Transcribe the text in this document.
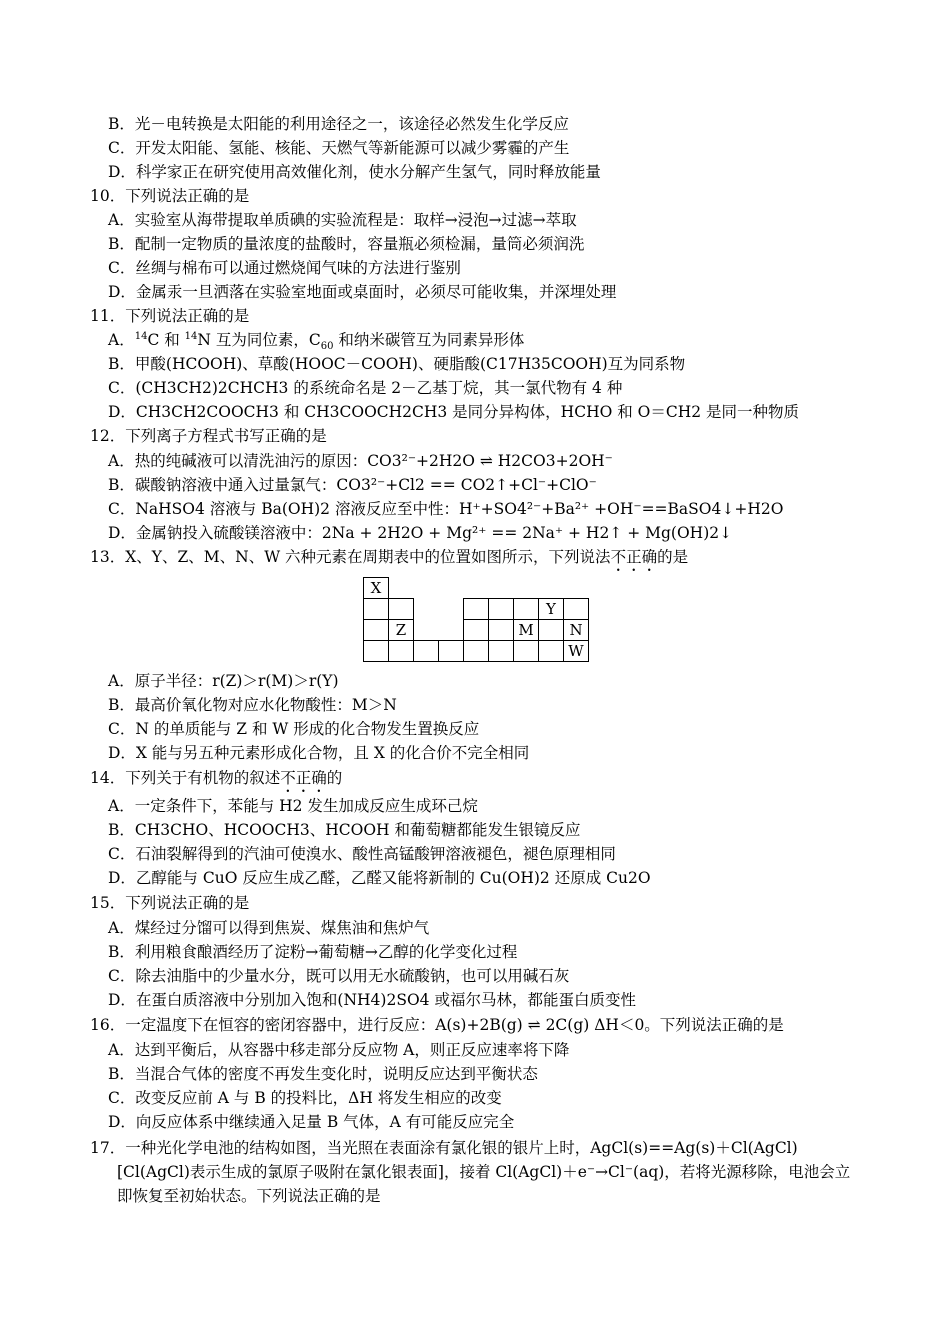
B．光－电转换是太阳能的利用途径之一，该途径必然发生化学反应
C．开发太阳能、氢能、核能、天燃气等新能源可以减少雾霾的产生
D．科学家正在研究使用高效催化剂，使水分解产生氢气，同时释放能量
10．下列说法正确的是
A．实验室从海带提取单质碘的实验流程是：取样→浸泡→过滤→萃取
B．配制一定物质的量浓度的盐酸时，容量瓶必须检漏，量筒必须润洗
C．丝绸与棉布可以通过燃烧闻气味的方法进行鉴别
D．金属汞一旦洒落在实验室地面或桌面时，必须尽可能收集，并深埋处理
11．下列说法正确的是
A．$^{14}$C 和 $^{14}$N 互为同位素，$C_{60}$ 和纳米碳管互为同素异形体
B．甲酸(HCOOH)、草酸(HOOC－COOH)、硬脂酸(C17H35COOH)互为同系物
C．(CH3CH2)2CHCH3 的系统命名是 2－乙基丁烷，其一氯代物有 4 种
D．CH3CH2COOCH3 和 CH3COOCH2CH3 是同分异构体，HCHO 和 O＝CH2 是同一种物质
12．下列离子方程式书写正确的是
A．热的纯碱液可以清洗油污的原因：CO3²⁻+2H2O ⇌ H2CO3+2OH⁻
B．碳酸钠溶液中通入过量氯气：CO3²⁻+Cl2 == CO2↑+Cl⁻+ClO⁻
C．NaHSO4 溶液与 Ba(OH)2 溶液反应至中性：H⁺+SO4²⁻+Ba²⁺ +OH⁻==BaSO4↓+H2O
D．金属钠投入硫酸镁溶液中：2Na + 2H2O + Mg²⁺ == 2Na⁺ + H2↑ + Mg(OH)2↓
13．X、Y、Z、M、N、W 六种元素在周期表中的位置如图所示，下列说法不正确的是
X									
							Y		
	Z					M		N	
								W	
A．原子半径：r(Z)＞r(M)＞r(Y)
B．最高价氧化物对应水化物酸性：M＞N
C．N 的单质能与 Z 和 W 形成的化合物发生置换反应
D．X 能与另五种元素形成化合物，且 X 的化合价不完全相同
14．下列关于有机物的叙述不正确的
A．一定条件下，苯能与 H2 发生加成反应生成环己烷
B．CH3CHO、HCOOCH3、HCOOH 和葡萄糖都能发生银镜反应
C．石油裂解得到的汽油可使溴水、酸性高锰酸钾溶液褪色，褪色原理相同
D．乙醇能与 CuO 反应生成乙醛，乙醛又能将新制的 Cu(OH)2 还原成 Cu2O
15．下列说法正确的是
A．煤经过分馏可以得到焦炭、煤焦油和焦炉气
B．利用粮食酿酒经历了淀粉→葡萄糖→乙醇的化学变化过程
C．除去油脂中的少量水分，既可以用无水硫酸钠，也可以用碱石灰
D．在蛋白质溶液中分别加入饱和(NH4)2SO4 或福尔马林，都能蛋白质变性
16．一定温度下在恒容的密闭容器中，进行反应：A(s)+2B(g) ⇌ 2C(g) ΔH＜0。下列说法正确的是
A．达到平衡后，从容器中移走部分反应物 A，则正反应速率将下降
B．当混合气体的密度不再发生变化时，说明反应达到平衡状态
C．改变反应前 A 与 B 的投料比，ΔH 将发生相应的改变
D．向反应体系中继续通入足量 B 气体，A 有可能反应完全
17．一种光化学电池的结构如图，当光照在表面涂有氯化银的银片上时，AgCl(s)==Ag(s)＋Cl(AgCl)
[Cl(AgCl)表示生成的氯原子吸附在氯化银表面]，接着 Cl(AgCl)＋e⁻→Cl⁻(aq)，若将光源移除，电池会立
即恢复至初始状态。下列说法正确的是
